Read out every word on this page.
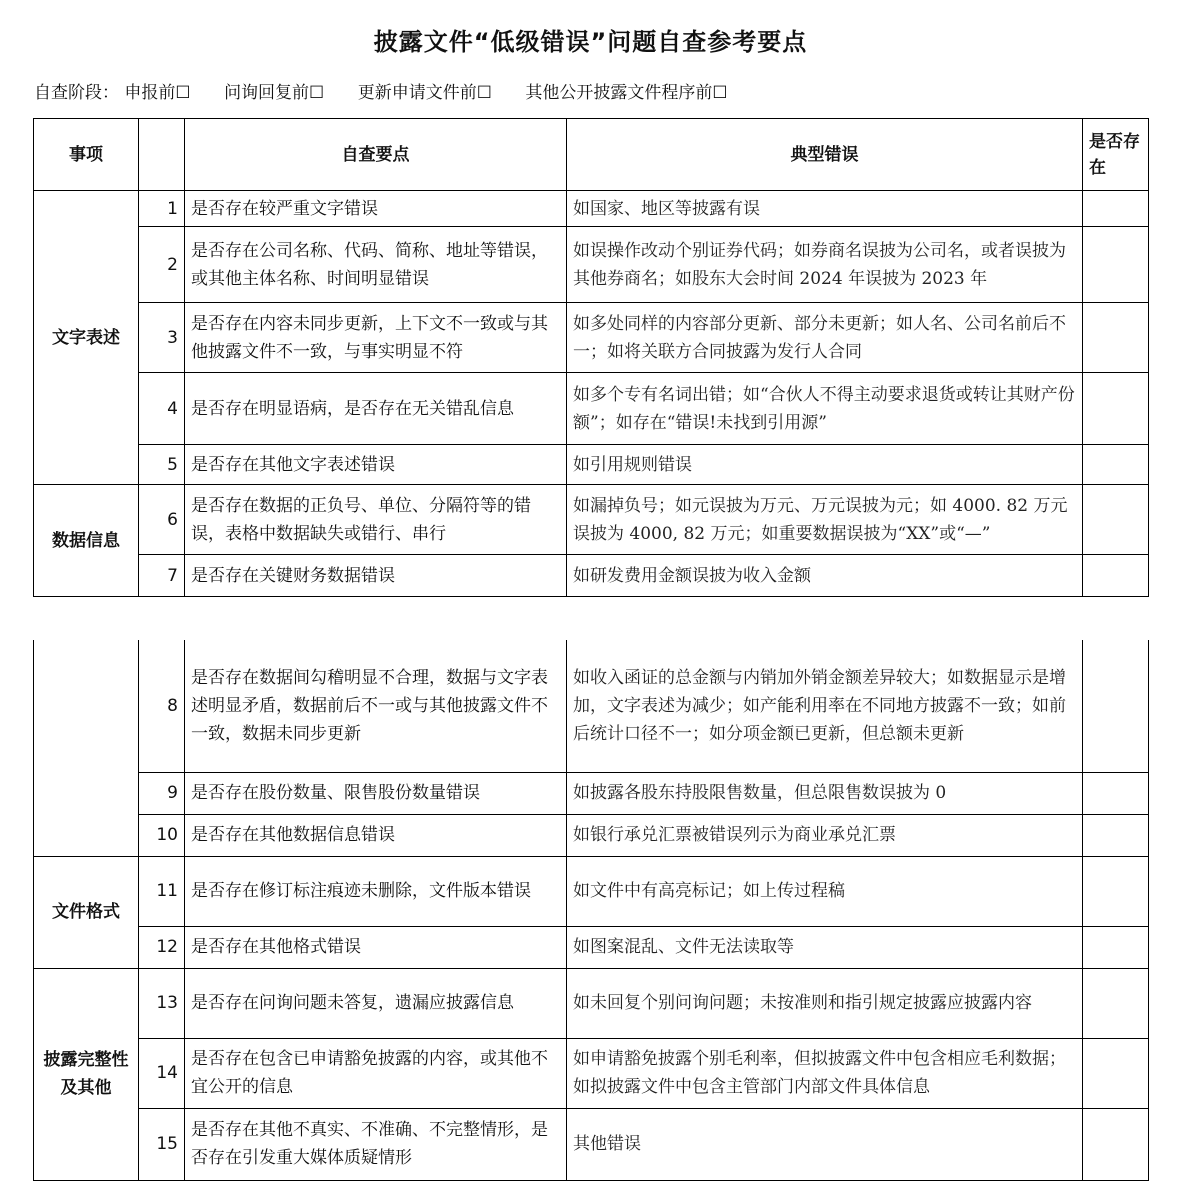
披露文件“低级错误”问题自查参考要点
自查阶段： 申报前☐ 问询回复前☐ 更新申请文件前☐ 其他公开披露文件程序前☐
事项		自查要点	典型错误	是否存在
文字表述	1	是否存在较严重文字错误	如国家、地区等披露有误	
	2	是否存在公司名称、代码、简称、地址等错误，或其他主体名称、时间明显错误	如误操作改动个别证券代码；如券商名误披为公司名，或者误披为其他券商名；如股东大会时间 2024 年误披为 2023 年	
	3	是否存在内容未同步更新，上下文不一致或与其他披露文件不一致，与事实明显不符	如多处同样的内容部分更新、部分未更新；如人名、公司名前后不一；如将关联方合同披露为发行人合同	
	4	是否存在明显语病，是否存在无关错乱信息	如多个专有名词出错；如“合伙人不得主动要求退货或转让其财产份额”；如存在“错误!未找到引用源”	
	5	是否存在其他文字表述错误	如引用规则错误	
数据信息	6	是否存在数据的正负号、单位、分隔符等的错误，表格中数据缺失或错行、串行	如漏掉负号；如元误披为万元、万元误披为元；如 4000. 82 万元误披为 4000, 82 万元；如重要数据误披为“XX”或“—”	
	7	是否存在关键财务数据错误	如研发费用金额误披为收入金额	
	8	是否存在数据间勾稽明显不合理，数据与文字表述明显矛盾，数据前后不一或与其他披露文件不一致，数据未同步更新	如收入函证的总金额与内销加外销金额差异较大；如数据显示是增加，文字表述为减少；如产能利用率在不同地方披露不一致；如前后统计口径不一；如分项金额已更新，但总额未更新	
	9	是否存在股份数量、限售股份数量错误	如披露各股东持股限售数量，但总限售数误披为 0	
	10	是否存在其他数据信息错误	如银行承兑汇票被错误列示为商业承兑汇票	
文件格式	11	是否存在修订标注痕迹未删除，文件版本错误	如文件中有高亮标记；如上传过程稿	
	12	是否存在其他格式错误	如图案混乱、文件无法读取等	
披露完整性及其他	13	是否存在问询问题未答复，遗漏应披露信息	如未回复个别问询问题；未按准则和指引规定披露应披露内容	
	14	是否存在包含已申请豁免披露的内容，或其他不宜公开的信息	如申请豁免披露个别毛利率，但拟披露文件中包含相应毛利数据；如拟披露文件中包含主管部门内部文件具体信息	
	15	是否存在其他不真实、不准确、不完整情形，是否存在引发重大媒体质疑情形	其他错误	
